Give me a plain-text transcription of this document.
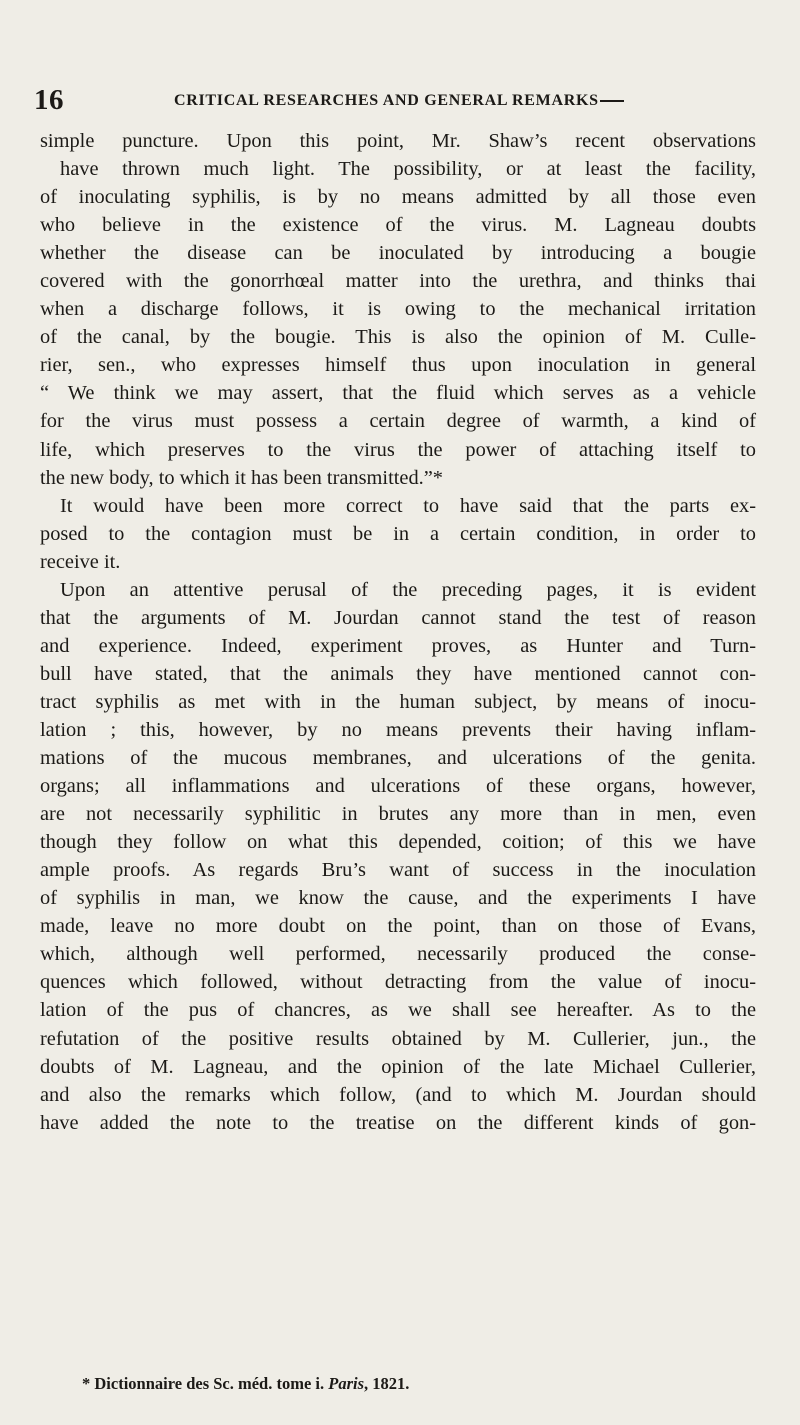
16	CRITICAL RESEARCHES AND GENERAL REMARKS
simple puncture. Upon this point, Mr. Shaw’s recent observations
have thrown much light. The possibility, or at least the facility,
of inoculating syphilis, is by no means admitted by all those even
who believe in the existence of the virus. M. Lagneau doubts
whether the disease can be inoculated by introducing a bougie
covered with the gonorrhœal matter into the urethra, and thinks thai
when a discharge follows, it is owing to the mechanical irritation
of the canal, by the bougie. This is also the opinion of M. Culle-
rier, sen., who expresses himself thus upon inoculation in general
“ We think we may assert, that the fluid which serves as a vehicle
for the virus must possess a certain degree of warmth, a kind of
life, which preserves to the virus the power of attaching itself to
the new body, to which it has been transmitted.”*
It would have been more correct to have said that the parts ex-
posed to the contagion must be in a certain condition, in order to
receive it.
Upon an attentive perusal of the preceding pages, it is evident
that the arguments of M. Jourdan cannot stand the test of reason
and experience. Indeed, experiment proves, as Hunter and Turn-
bull have stated, that the animals they have mentioned cannot con-
tract syphilis as met with in the human subject, by means of inocu-
lation ; this, however, by no means prevents their having inflam-
mations of the mucous membranes, and ulcerations of the genita.
organs; all inflammations and ulcerations of these organs, however,
are not necessarily syphilitic in brutes any more than in men, even
though they follow on what this depended, coition; of this we have
ample proofs. As regards Bru’s want of success in the inoculation
of syphilis in man, we know the cause, and the experiments I have
made, leave no more doubt on the point, than on those of Evans,
which, although well performed, necessarily produced the conse-
quences which followed, without detracting from the value of inocu-
lation of the pus of chancres, as we shall see hereafter. As to the
refutation of the positive results obtained by M. Cullerier, jun., the
doubts of M. Lagneau, and the opinion of the late Michael Cullerier,
and also the remarks which follow, (and to which M. Jourdan should
have added the note to the treatise on the different kinds of gon-
* Dictionnaire des Sc. méd. tome i. Paris, 1821.
